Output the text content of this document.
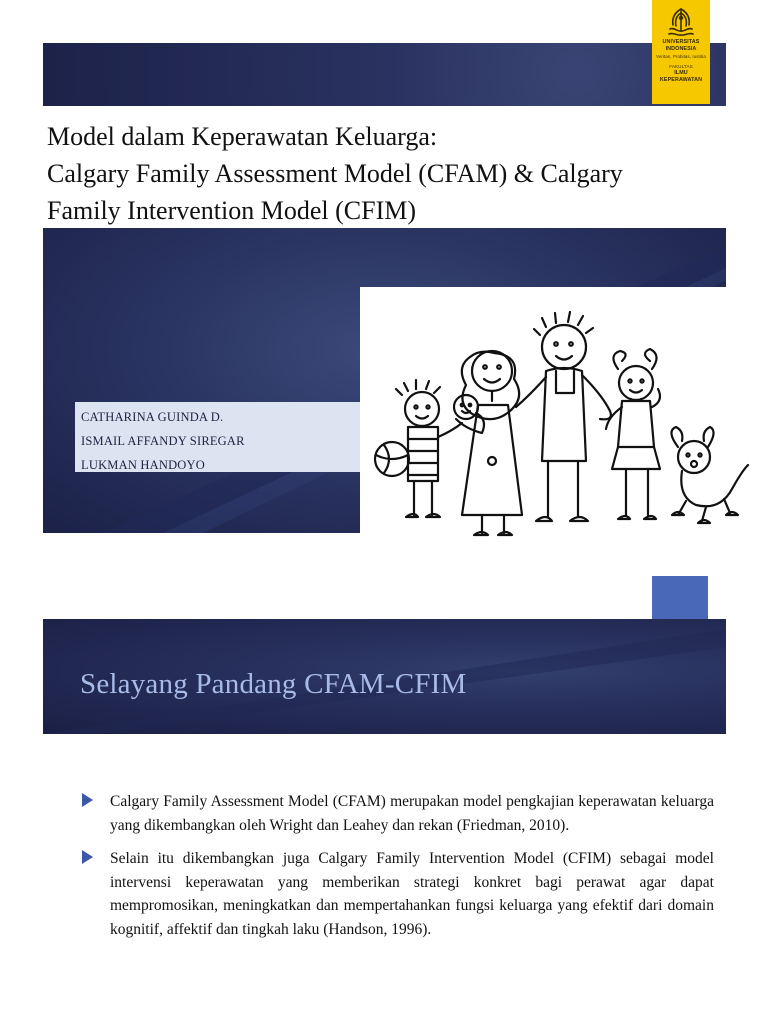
UNIVERSITAS
INDONESIA
Veritas, Probitas, Iustitia
FAKULTAS
ILMU
KEPERAWATAN
Model dalam Keperawatan Keluarga:
Calgary Family Assessment Model (CFAM) & Calgary
Family Intervention Model (CFIM)
CATHARINA GUINDA D.
ISMAIL AFFANDY SIREGAR
LUKMAN HANDOYO
Selayang Pandang CFAM-CFIM
Calgary Family Assessment Model (CFAM) merupakan model pengkajian keperawatan keluarga yang dikembangkan oleh Wright dan Leahey dan rekan (Friedman, 2010).
Selain itu dikembangkan juga Calgary Family Intervention Model (CFIM) sebagai model intervensi keperawatan yang memberikan strategi konkret bagi perawat agar dapat mempromosikan, meningkatkan dan mempertahankan fungsi keluarga yang efektif dari domain kognitif, affektif dan tingkah laku (Handson, 1996).
